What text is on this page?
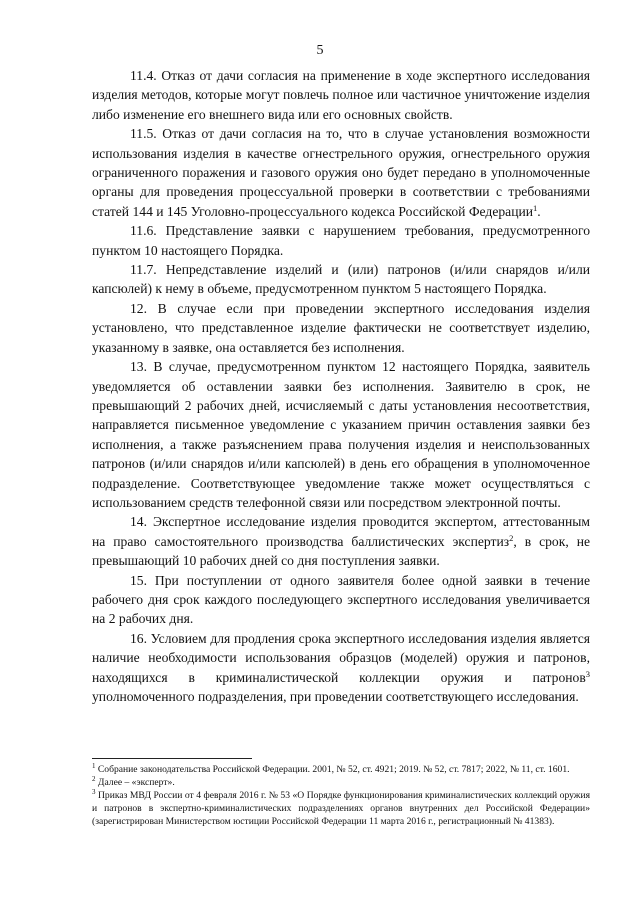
5

11.4. Отказ от дачи согласия на применение в ходе экспертного исследования изделия методов, которые могут повлечь полное или частичное уничтожение изделия либо изменение его внешнего вида или его основных свойств.

11.5. Отказ от дачи согласия на то, что в случае установления возможности использования изделия в качестве огнестрельного оружия, огнестрельного оружия ограниченного поражения и газового оружия оно будет передано в уполномоченные органы для проведения процессуальной проверки в соответствии с требованиями статей 144 и 145 Уголовно-процессуального кодекса Российской Федерации$^1$.

11.6. Представление заявки с нарушением требования, предусмотренного пунктом 10 настоящего Порядка.

11.7. Непредставление изделий и (или) патронов (и/или снарядов и/или капсюлей) к нему в объеме, предусмотренном пунктом 5 настоящего Порядка.

12. В случае если при проведении экспертного исследования изделия установлено, что представленное изделие фактически не соответствует изделию, указанному в заявке, она оставляется без исполнения.

13. В случае, предусмотренном пунктом 12 настоящего Порядка, заявитель уведомляется об оставлении заявки без исполнения. Заявителю в срок, не превышающий 2 рабочих дней, исчисляемый с даты установления несоответствия, направляется письменное уведомление с указанием причин оставления заявки без исполнения, а также разъяснением права получения изделия и неиспользованных патронов (и/или снарядов и/или капсюлей) в день его обращения в уполномоченное подразделение. Соответствующее уведомление также может осуществляться с использованием средств телефонной связи или посредством электронной почты.

14. Экспертное исследование изделия проводится экспертом, аттестованным на право самостоятельного производства баллистических экспертиз$^2$, в срок, не превышающий 10 рабочих дней со дня поступления заявки.

15. При поступлении от одного заявителя более одной заявки в течение рабочего дня срок каждого последующего экспертного исследования увеличивается на 2 рабочих дня.

16. Условием для продления срока экспертного исследования изделия является наличие необходимости использования образцов (моделей) оружия и патронов, находящихся в криминалистической коллекции оружия и патронов$^3$ уполномоченного подразделения, при проведении соответствующего исследования.

$^1$ Собрание законодательства Российской Федерации. 2001, № 52, ст. 4921; 2019. № 52, ст. 7817; 2022, № 11, ст. 1601.

$^2$ Далее – «эксперт».

$^3$ Приказ МВД России от 4 февраля 2016 г. № 53 «О Порядке функционирования криминалистических коллекций оружия и патронов в экспертно-криминалистических подразделениях органов внутренних дел Российской Федерации» (зарегистрирован Министерством юстиции Российской Федерации 11 марта 2016 г., регистрационный № 41383).
